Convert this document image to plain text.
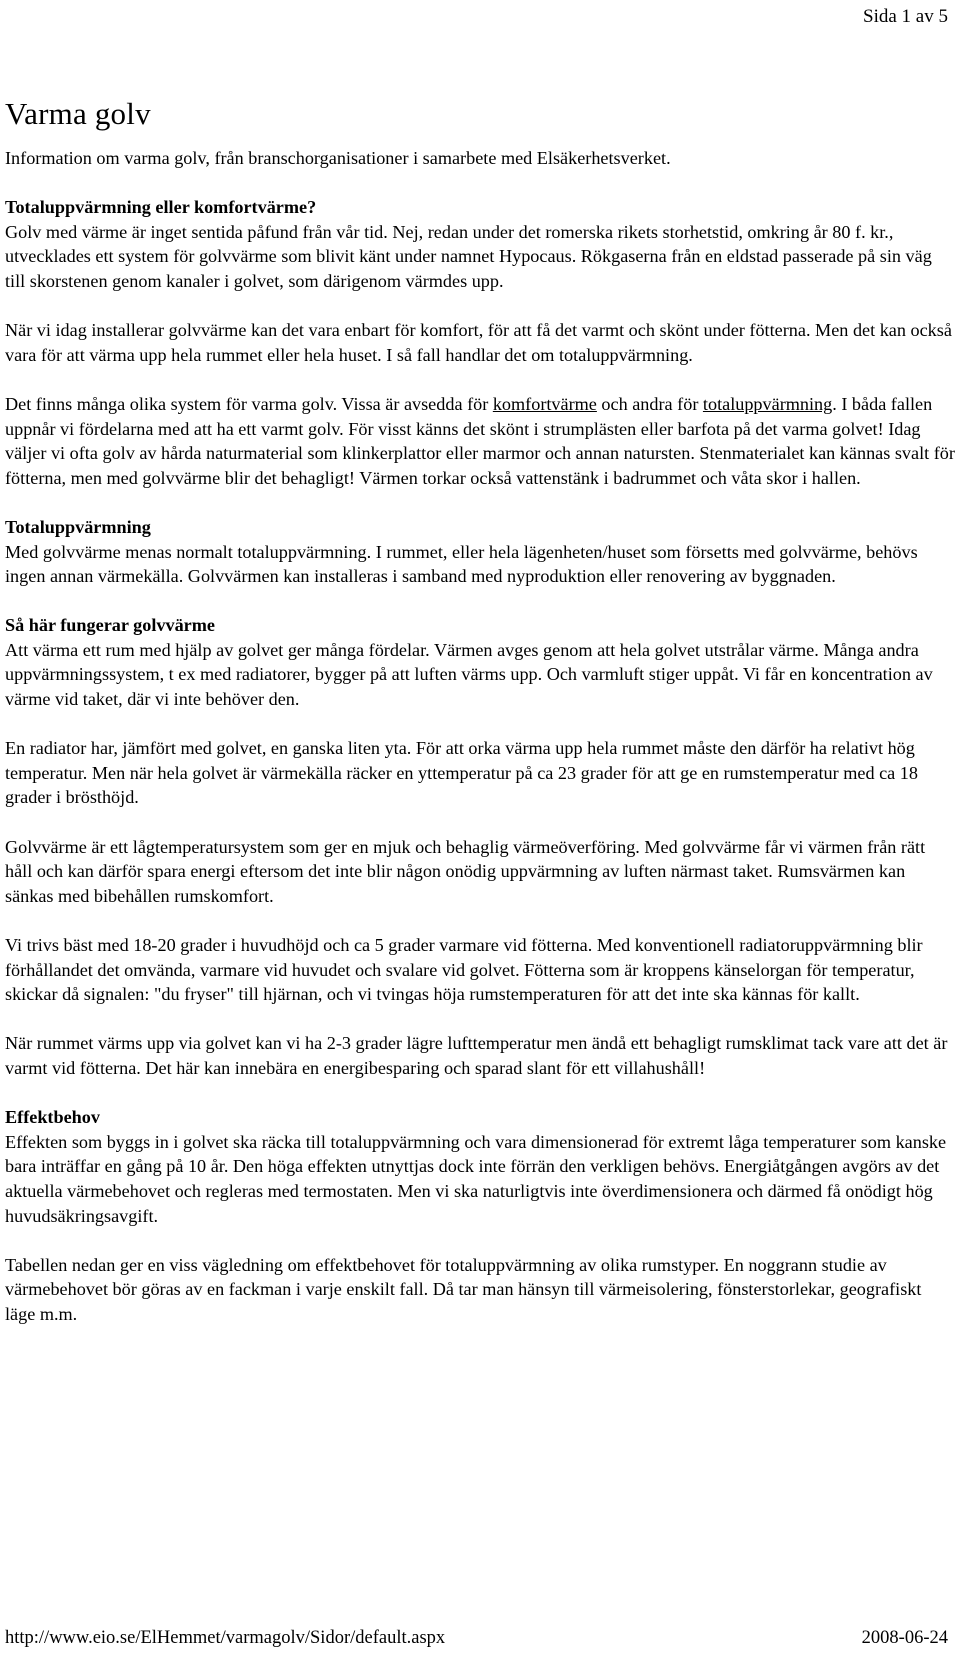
Sida 1 av 5
Varma golv

Information om varma golv, från branschorganisationer i samarbete med Elsäkerhetsverket.

Totaluppvärmning eller komfortvärme?
Golv med värme är inget sentida påfund från vår tid. Nej, redan under det romerska rikets storhetstid, omkring år 80 f. kr., utvecklades ett system för golvvärme som blivit känt under namnet Hypocaus. Rökgaserna från en eldstad passerade på sin väg till skorstenen genom kanaler i golvet, som därigenom värmdes upp.

När vi idag installerar golvvärme kan det vara enbart för komfort, för att få det varmt och skönt under fötterna. Men det kan också vara för att värma upp hela rummet eller hela huset. I så fall handlar det om totaluppvärmning.

Det finns många olika system för varma golv. Vissa är avsedda för komfortvärme och andra för totaluppvärmning. I båda fallen uppnår vi fördelarna med att ha ett varmt golv. För visst känns det skönt i strumplästen eller barfota på det varma golvet! Idag väljer vi ofta golv av hårda naturmaterial som klinkerplattor eller marmor och annan natursten. Stenmaterialet kan kännas svalt för fötterna, men med golvvärme blir det behagligt! Värmen torkar också vattenstänk i badrummet och våta skor i hallen.

Totaluppvärmning
Med golvvärme menas normalt totaluppvärmning. I rummet, eller hela lägenheten/huset som försetts med golvvärme, behövs ingen annan värmekälla. Golvvärmen kan installeras i samband med nyproduktion eller renovering av byggnaden.

Så här fungerar golvvärme
Att värma ett rum med hjälp av golvet ger många fördelar. Värmen avges genom att hela golvet utstrålar värme. Många andra uppvärmningssystem, t ex med radiatorer, bygger på att luften värms upp. Och varmluft stiger uppåt. Vi får en koncentration av värme vid taket, där vi inte behöver den.

En radiator har, jämfört med golvet, en ganska liten yta. För att orka värma upp hela rummet måste den därför ha relativt hög temperatur. Men när hela golvet är värmekälla räcker en yttemperatur på ca 23 grader för att ge en rumstemperatur med ca 18 grader i brösthöjd.

Golvvärme är ett lågtemperatursystem som ger en mjuk och behaglig värmeöverföring. Med golvvärme får vi värmen från rätt håll och kan därför spara energi eftersom det inte blir någon onödig uppvärmning av luften närmast taket. Rumsvärmen kan sänkas med bibehållen rumskomfort.

Vi trivs bäst med 18-20 grader i huvudhöjd och ca 5 grader varmare vid fötterna. Med konventionell radiatoruppvärmning blir förhållandet det omvända, varmare vid huvudet och svalare vid golvet. Fötterna som är kroppens känselorgan för temperatur, skickar då signalen: "du fryser" till hjärnan, och vi tvingas höja rumstemperaturen för att det inte ska kännas för kallt.

När rummet värms upp via golvet kan vi ha 2-3 grader lägre lufttemperatur men ändå ett behagligt rumsklimat tack vare att det är varmt vid fötterna. Det här kan innebära en energibesparing och sparad slant för ett villahushåll!

Effektbehov
Effekten som byggs in i golvet ska räcka till totaluppvärmning och vara dimensionerad för extremt låga temperaturer som kanske bara inträffar en gång på 10 år. Den höga effekten utnyttjas dock inte förrän den verkligen behövs. Energiåtgången avgörs av det aktuella värmebehovet och regleras med termostaten. Men vi ska naturligtvis inte överdimensionera och därmed få onödigt hög huvudsäkringsavgift.

Tabellen nedan ger en viss vägledning om effektbehovet för totaluppvärmning av olika rumstyper. En noggrann studie av värmebehovet bör göras av en fackman i varje enskilt fall. Då tar man hänsyn till värmeisolering, fönsterstorlekar, geografiskt läge m.m.

http://www.eio.se/ElHemmet/varmagolv/Sidor/default.aspx	2008-06-24
